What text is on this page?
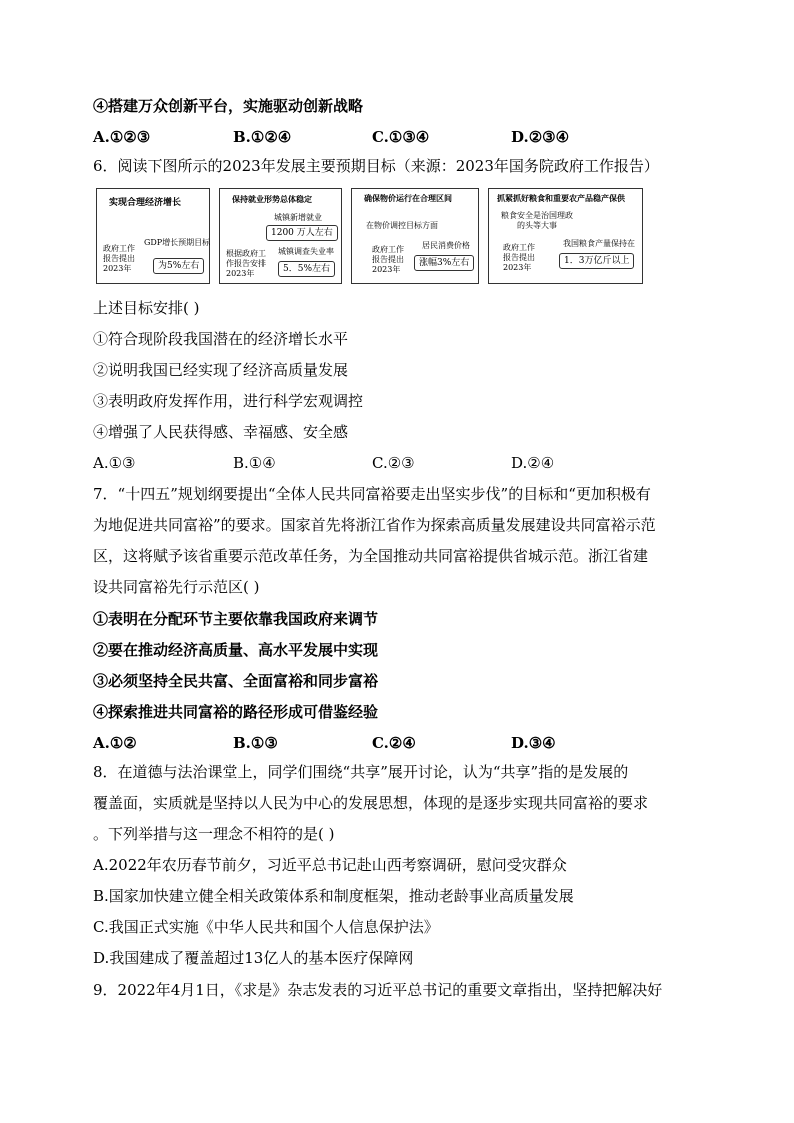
④搭建万众创新平台，实施驱动创新战略
A.①②③	B.①②④	C.①③④	D.②③④
6．阅读下图所示的2023年发展主要预期目标（来源：2023年国务院政府工作报告）
实现合理经济增长
GDP增长预期目标
政府工作
报告提出
2023年	为5%左右
保持就业形势总体稳定
城镇新增就业
1200 万人左右
根据政府工
作报告安排
2023年
城镇调查失业率
5．5%左右
确保物价运行在合理区间
在物价调控目标方面
政府工作
报告提出
2023年
居民消费价格
涨幅3%左右
抓紧抓好粮食和重要农产品稳产保供
粮食安全是治国理政
的头等大事
政府工作
报告提出
2023年
我国粮食产量保持在
1．3万亿斤以上
上述目标安排( )
①符合现阶段我国潜在的经济增长水平
②说明我国已经实现了经济高质量发展
③表明政府发挥作用，进行科学宏观调控
④增强了人民获得感、幸福感、安全感
A.①③	B.①④	C.②③	D.②④
7．“十四五”规划纲要提出“全体人民共同富裕要走出坚实步伐”的目标和“更加积极有
为地促进共同富裕”的要求。国家首先将浙江省作为探索高质量发展建设共同富裕示范
区，这将赋予该省重要示范改革任务，为全国推动共同富裕提供省城示范。浙江省建
设共同富裕先行示范区( )
①表明在分配环节主要依靠我国政府来调节
②要在推动经济高质量、高水平发展中实现
③必须坚持全民共富、全面富裕和同步富裕
④探索推进共同富裕的路径形成可借鉴经验
A.①②	B.①③	C.②④	D.③④
8．在道德与法治课堂上，同学们围绕“共享”展开讨论，认为“共享”指的是发展的
覆盖面，实质就是坚持以人民为中心的发展思想，体现的是逐步实现共同富裕的要求
。下列举措与这一理念不相符的是( )
A.2022年农历春节前夕，习近平总书记赴山西考察调研，慰问受灾群众
B.国家加快建立健全相关政策体系和制度框架，推动老龄事业高质量发展
C.我国正式实施《中华人民共和国个人信息保护法》
D.我国建成了覆盖超过13亿人的基本医疗保障网
9．2022年4月1日，《求是》杂志发表的习近平总书记的重要文章指出，坚持把解决好
